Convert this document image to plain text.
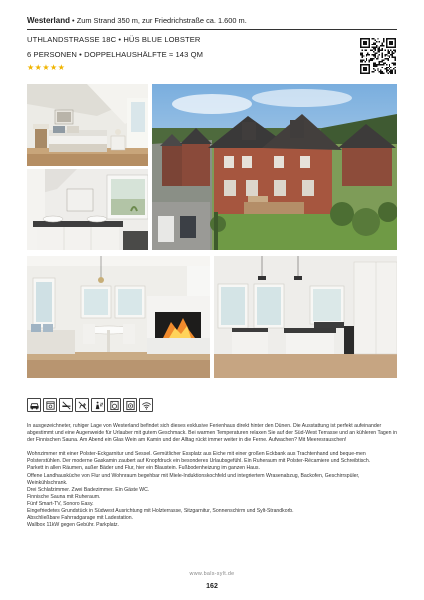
Westerland • Zum Strand 350 m, zur Friedrichstraße ca. 1.600 m.
UTHLANDSTRASSE 18C • HÜS BLUE LOBSTER
6 PERSONEN • DOPPELHAUSHÄLFTE ≈ 143 QM
★★★★★

In ausgezeichneter, ruhiger Lage von Westerland befindet sich dieses exklusive Ferienhaus direkt hinter den Dünen. Die Ausstattung ist perfekt aufeinander abgestimmt und eine Augenweide für Urlauber mit gutem Geschmack. Bei warmen Temperaturen relaxen Sie auf der Süd-West Terrasse und an kühleren Tagen in der Finnischen Sauna. Am Abend ein Glas Wein am Kamin und der Alltag rückt immer weiter in die Ferne. Aufwachen? Mit Meeresrauschen!

Wohnzimmer mit einer Polster-Eckgarnitur und Sessel. Gemütlicher Essplatz aus Eiche mit einer großen Eckbank aus Trachtenhand und beque-men Polsterstühlen. Der moderne Gaskamin zaubert auf Knopfdruck ein besonderes Urlaubsgefühl. Ein Ruheraum mit Polster-Récamiere und Schreibtisch.

Parkett in allen Räumen, außer Bäder und Flur, hier ein Blaustein. Fußbodenheizung im ganzen Haus.

Offene Landhausküche von Flur und Wohnraum begehbar mit Miele-Induktionskochfeld und integriertem Wrasenabzug, Backofen, Geschirrspüler, Weinkühlschrank.

Drei Schlafzimmer. Zwei Badezimmer. Ein Gäste WC.

Finnische Sauna mit Ruheraum.

Fünf Smart-TV, Sonoro Easy.

Eingefriedetes Grundstück in Südwest Ausrichtung mit Holzterrasse, Sitzgarnitur, Sonnenschirm und Sylt-Strandkorb.

Abschließbare Fahrradgarage mit Ladestation.

Wallbox 11kW gegen Gebühr. Parkplatz.

www.bals-sylt.de
162
